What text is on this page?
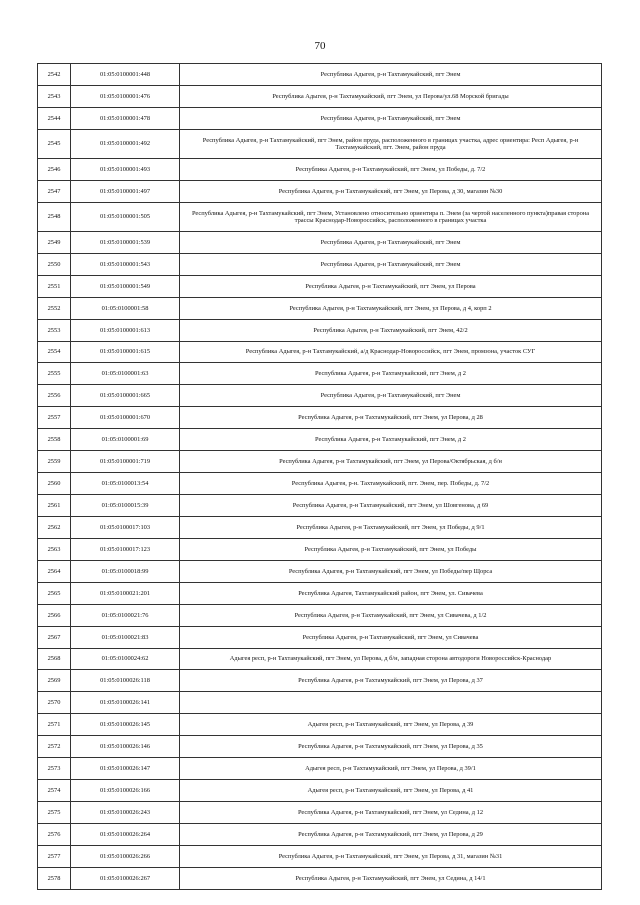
70
2542	01:05:0100001:448	Республика Адыгея, р-н Тахтамукайский, пгт Энем
2543	01:05:0100001:476	Республика Адыгея, р-н Тахтамукайский, пгт Энем, ул Перова/ул.68 Морской бригады
2544	01:05:0100001:478	Республика Адыгея, р-н Тахтамукайский, пгт Энем
2545	01:05:0100001:492	Республика Адыгея, р-н Тахтамукайский, пгт Энем, район пруда, расположенного в границах участка, адрес ориентира: Респ Адыгея, р-н Тахтамукайский, пгт. Энем, район пруда
2546	01:05:0100001:493	Республика Адыгея, р-н Тахтамукайский, пгт Энем, ул Победы, д. 7/2
2547	01:05:0100001:497	Республика Адыгея, р-н Тахтамукайский, пгт Энем, ул Перова, д 30, магазин №30
2548	01:05:0100001:505	Республика Адыгея, р-н Тахтамукайский, пгт Энем, Установлено относительно ориентира п. Энем (за чертой населенного пункта)правая сторона трассы Краснодар-Новороссийск, расположенного в границах участка
2549	01:05:0100001:539	Республика Адыгея, р-н Тахтамукайский, пгт Энем
2550	01:05:0100001:543	Республика Адыгея, р-н Тахтамукайский, пгт Энем
2551	01:05:0100001:549	Республика Адыгея, р-н Тахтамукайский, пгт Энем, ул Перова
2552	01:05:0100001:58	Республика Адыгея, р-н Тахтамукайский, пгт Энем, ул Перова, д 4, корп 2
2553	01:05:0100001:613	Республика Адыгея, р-н Тахтамукайский, пгт Энем, 42/2
2554	01:05:0100001:615	Республика Адыгея, р-н Тахтамукайский, а/д Краснодар-Новороссийск, пгт Энем, промзона, участок СУГ
2555	01:05:0100001:63	Республика Адыгея, р-н Тахтамукайский, пгт Энем, д 2
2556	01:05:0100001:665	Республика Адыгея, р-н Тахтамукайский, пгт Энем
2557	01:05:0100001:670	Республика Адыгея, р-н Тахтамукайский, пгт Энем, ул Перова, д 28
2558	01:05:0100001:69	Республика Адыгея, р-н Тахтамукайский, пгт Энем, д 2
2559	01:05:0100001:719	Республика Адыгея, р-н Тахтамукайский, пгт Энем, ул Перова/Октябрьская, д б/н
2560	01:05:0100013:54	Республика Адыгея, р-н. Тахтамукайский, пгт. Энем, пер. Победы, д. 7/2
2561	01:05:0100015:39	Республика Адыгея, р-н Тахтамукайский, пгт Энем, ул Шовгенова, д 69
2562	01:05:0100017:103	Республика Адыгея, р-н Тахтамукайский, пгт Энем, ул Победы, д 9/1
2563	01:05:0100017:123	Республика Адыгея, р-н Тахтамукайский, пгт Энем, ул Победы
2564	01:05:0100018:99	Республика Адыгея, р-н Тахтамукайский, пгт Энем, ул Победы/пер Щорса
2565	01:05:0100021:201	Республика Адыгея, Тахтамукайский район, пгт Энем, ул. Сивачева
2566	01:05:0100021:76	Республика Адыгея, р-н Тахтамукайский, пгт Энем, ул Сивачева, д 1/2
2567	01:05:0100021:83	Республика Адыгея, р-н Тахтамукайский, пгт Энем, ул Сивачева
2568	01:05:0100024:62	Адыгея респ, р-н Тахтамукайский, пгт Энем, ул Перова, д б/н, западная сторона автодороги Новороссийск-Краснодар
2569	01:05:0100026:118	Республика Адыгея, р-н Тахтамукайский, пгт Энем, ул Перова, д 37
2570	01:05:0100026:141	
2571	01:05:0100026:145	Адыгея респ, р-н Тахтамукайский, пгт Энем, ул Перова, д 39
2572	01:05:0100026:146	Республика Адыгея, р-н Тахтамукайский, пгт Энем, ул Перова, д 35
2573	01:05:0100026:147	Адыгея респ, р-н Тахтамукайский, пгт Энем, ул Перова, д 39/1
2574	01:05:0100026:166	Адыгея респ, р-н Тахтамукайский, пгт Энем, ул Перова, д 41
2575	01:05:0100026:243	Республика Адыгея, р-н Тахтамукайский, пгт Энем, ул Седина, д 12
2576	01:05:0100026:264	Республика Адыгея, р-н Тахтамукайский, пгт Энем, ул Перова, д 29
2577	01:05:0100026:266	Республика Адыгея, р-н Тахтамукайский, пгт Энем, ул Перова, д 31, магазин №31
2578	01:05:0100026:267	Республика Адыгея, р-н Тахтамукайский, пгт Энем, ул Седина, д 14/1
